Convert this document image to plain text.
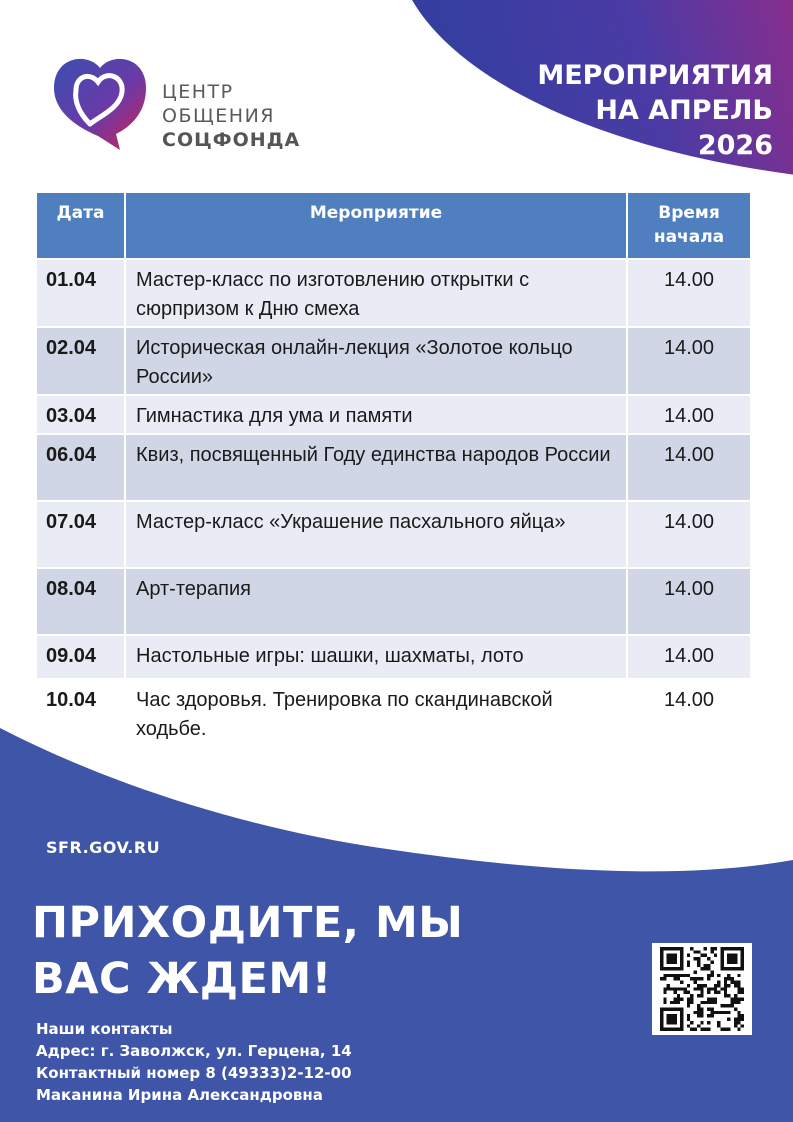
ЦЕНТР
ОБЩЕНИЯ
СОЦФОНДА
МЕРОПРИЯТИЯ
НА АПРЕЛЬ
2026
Дата	Мероприятие	Время начала
01.04	Мастер-класс по изготовлению открытки с сюрпризом к Дню смеха	14.00
02.04	Историческая онлайн-лекция «Золотое кольцо России»	14.00
03.04	Гимнастика для ума и памяти	14.00
06.04	Квиз, посвященный Году единства народов России	14.00
07.04	Мастер-класс «Украшение пасхального яйца»	14.00
08.04	Арт-терапия	14.00
09.04	Настольные игры: шашки, шахматы, лото	14.00
10.04	Час здоровья. Тренировка по скандинавской ходьбе.	14.00
SFR.GOV.RU
ПРИХОДИТЕ, МЫ
ВАС ЖДЕМ!
Наши контакты
Адрес: г. Заволжск, ул. Герцена, 14
Контактный номер 8 (49333)2-12-00
Маканина Ирина Александровна
